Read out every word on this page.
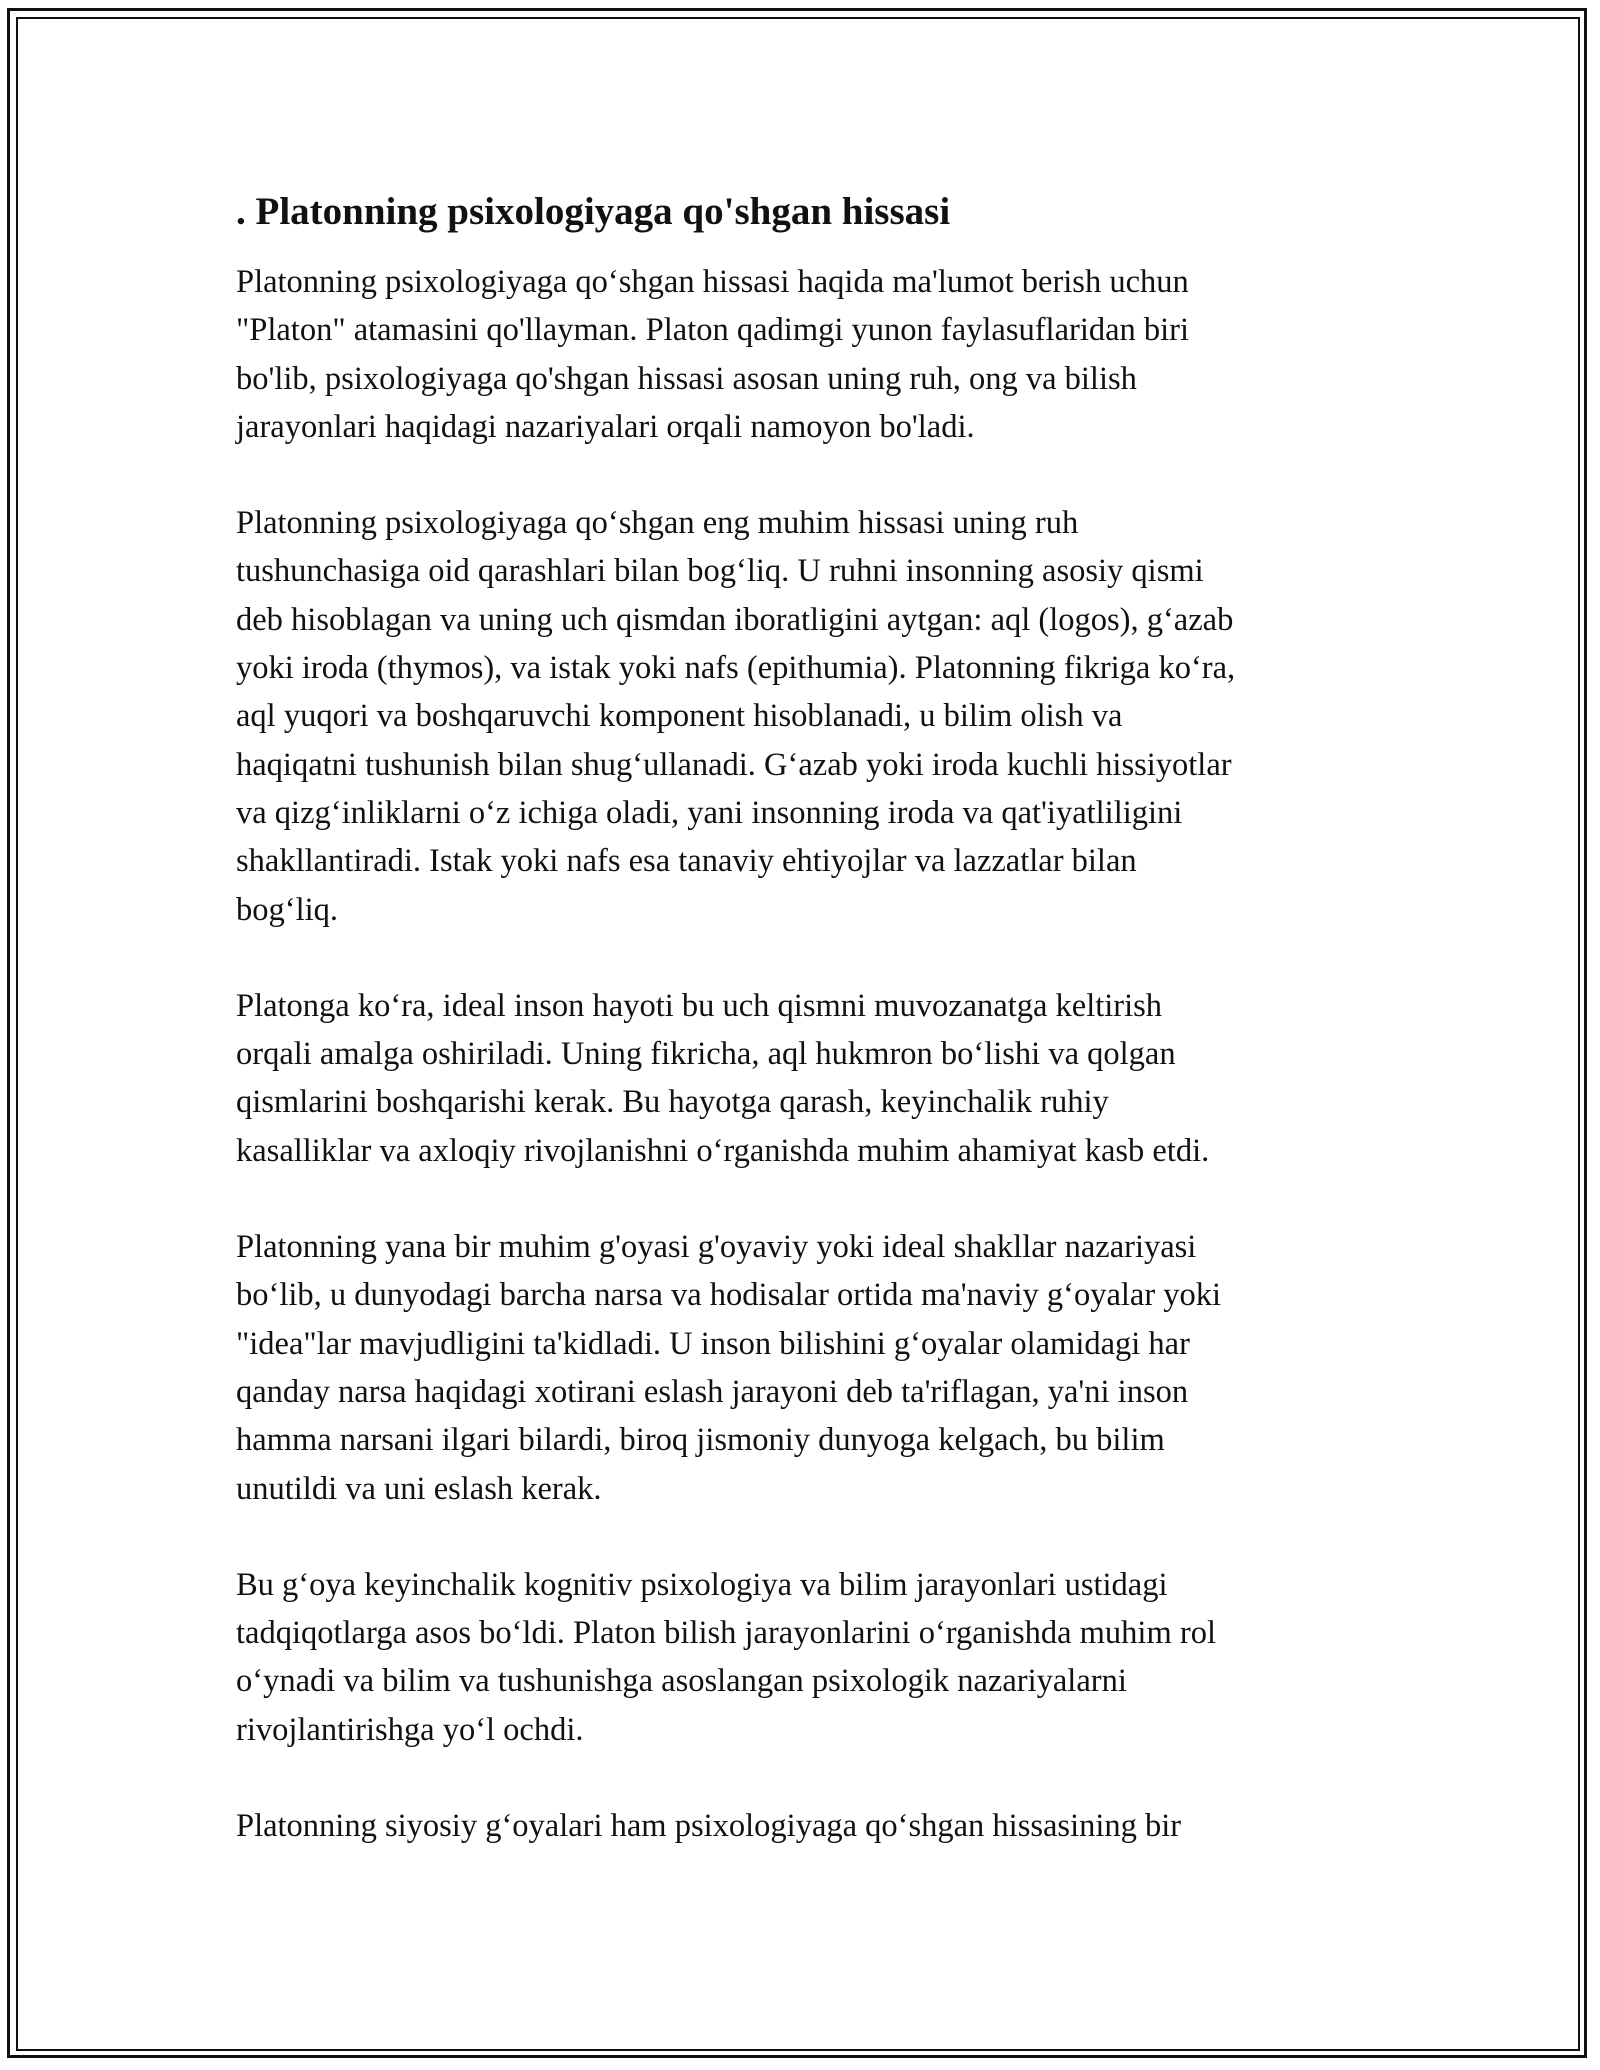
. Platonning psixologiyaga qo'shgan hissasi

Platonning psixologiyaga qo‘shgan hissasi haqida ma'lumot berish uchun
"Platon" atamasini qo'llayman. Platon qadimgi yunon faylasuflaridan biri
bo'lib, psixologiyaga qo'shgan hissasi asosan uning ruh, ong va bilish
jarayonlari haqidagi nazariyalari orqali namoyon bo'ladi.

Platonning psixologiyaga qo‘shgan eng muhim hissasi uning ruh
tushunchasiga oid qarashlari bilan bog‘liq. U ruhni insonning asosiy qismi
deb hisoblagan va uning uch qismdan iboratligini aytgan: aql (logos), g‘azab
yoki iroda (thymos), va istak yoki nafs (epithumia). Platonning fikriga ko‘ra,
aql yuqori va boshqaruvchi komponent hisoblanadi, u bilim olish va
haqiqatni tushunish bilan shug‘ullanadi. G‘azab yoki iroda kuchli hissiyotlar
va qizg‘inliklarni o‘z ichiga oladi, yani insonning iroda va qat'iyatliligini
shakllantiradi. Istak yoki nafs esa tanaviy ehtiyojlar va lazzatlar bilan
bog‘liq.

Platonga ko‘ra, ideal inson hayoti bu uch qismni muvozanatga keltirish
orqali amalga oshiriladi. Uning fikricha, aql hukmron bo‘lishi va qolgan
qismlarini boshqarishi kerak. Bu hayotga qarash, keyinchalik ruhiy
kasalliklar va axloqiy rivojlanishni o‘rganishda muhim ahamiyat kasb etdi.

Platonning yana bir muhim g'oyasi g'oyaviy yoki ideal shakllar nazariyasi
bo‘lib, u dunyodagi barcha narsa va hodisalar ortida ma'naviy g‘oyalar yoki
"idea"lar mavjudligini ta'kidladi. U inson bilishini g‘oyalar olamidagi har
qanday narsa haqidagi xotirani eslash jarayoni deb ta'riflagan, ya'ni inson
hamma narsani ilgari bilardi, biroq jismoniy dunyoga kelgach, bu bilim
unutildi va uni eslash kerak.

Bu g‘oya keyinchalik kognitiv psixologiya va bilim jarayonlari ustidagi
tadqiqotlarga asos bo‘ldi. Platon bilish jarayonlarini o‘rganishda muhim rol
o‘ynadi va bilim va tushunishga asoslangan psixologik nazariyalarni
rivojlantirishga yo‘l ochdi.

Platonning siyosiy g‘oyalari ham psixologiyaga qo‘shgan hissasining bir
